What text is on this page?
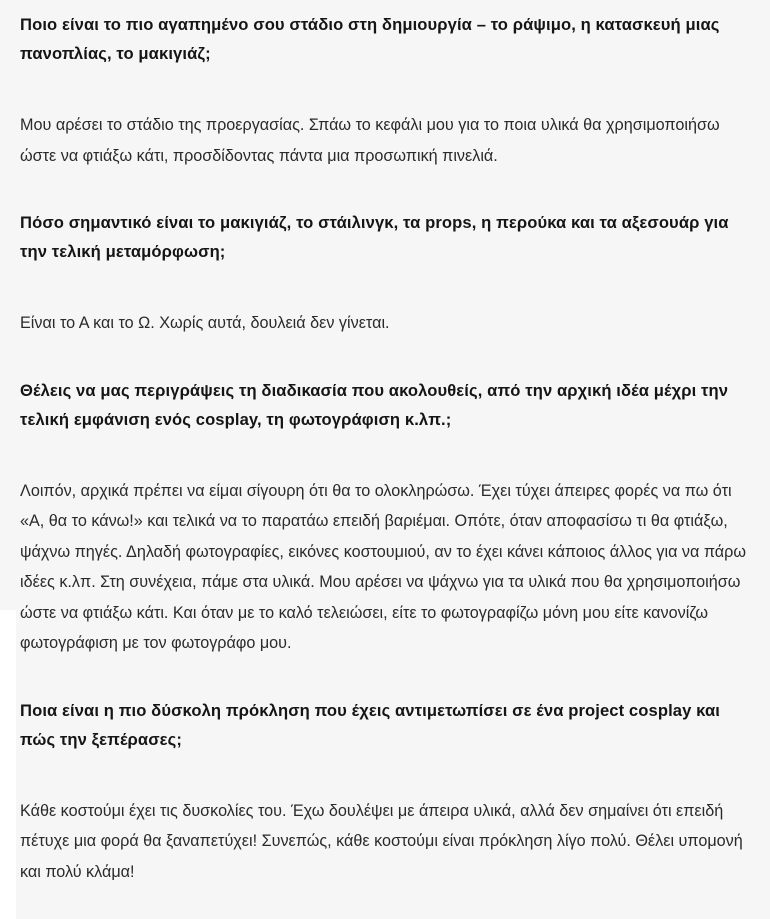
Ποιο είναι το πιο αγαπημένο σου στάδιο στη δημιουργία – το ράψιμο, η κατασκευή μιας πανοπλίας, το μακιγιάζ;

Μου αρέσει το στάδιο της προεργασίας. Σπάω το κεφάλι μου για το ποια υλικά θα χρησιμοποιήσω ώστε να φτιάξω κάτι, προσδίδοντας πάντα μια προσωπική πινελιά.

Πόσο σημαντικό είναι το μακιγιάζ, το στάιλινγκ, τα props, η περούκα και τα αξεσουάρ για την τελική μεταμόρφωση;

Είναι το Α και το Ω. Χωρίς αυτά, δουλειά δεν γίνεται.

Θέλεις να μας περιγράψεις τη διαδικασία που ακολουθείς, από την αρχική ιδέα μέχρι την τελική εμφάνιση ενός cosplay, τη φωτογράφιση κ.λπ.;

Λοιπόν, αρχικά πρέπει να είμαι σίγουρη ότι θα το ολοκληρώσω. Έχει τύχει άπειρες φορές να πω ότι «Α, θα το κάνω!» και τελικά να το παρατάω επειδή βαριέμαι. Οπότε, όταν αποφασίσω τι θα φτιάξω, ψάχνω πηγές. Δηλαδή φωτογραφίες, εικόνες κοστουμιού, αν το έχει κάνει κάποιος άλλος για να πάρω ιδέες κ.λπ. Στη συνέχεια, πάμε στα υλικά. Μου αρέσει να ψάχνω για τα υλικά που θα χρησιμοποιήσω ώστε να φτιάξω κάτι. Και όταν με το καλό τελειώσει, είτε το φωτογραφίζω μόνη μου είτε κανονίζω φωτογράφιση με τον φωτογράφο μου.

Ποια είναι η πιο δύσκολη πρόκληση που έχεις αντιμετωπίσει σε ένα project cosplay και πώς την ξεπέρασες;

Κάθε κοστούμι έχει τις δυσκολίες του. Έχω δουλέψει με άπειρα υλικά, αλλά δεν σημαίνει ότι επειδή πέτυχε μια φορά θα ξαναπετύχει! Συνεπώς, κάθε κοστούμι είναι πρόκληση λίγο πολύ. Θέλει υπομονή και πολύ κλάμα!
